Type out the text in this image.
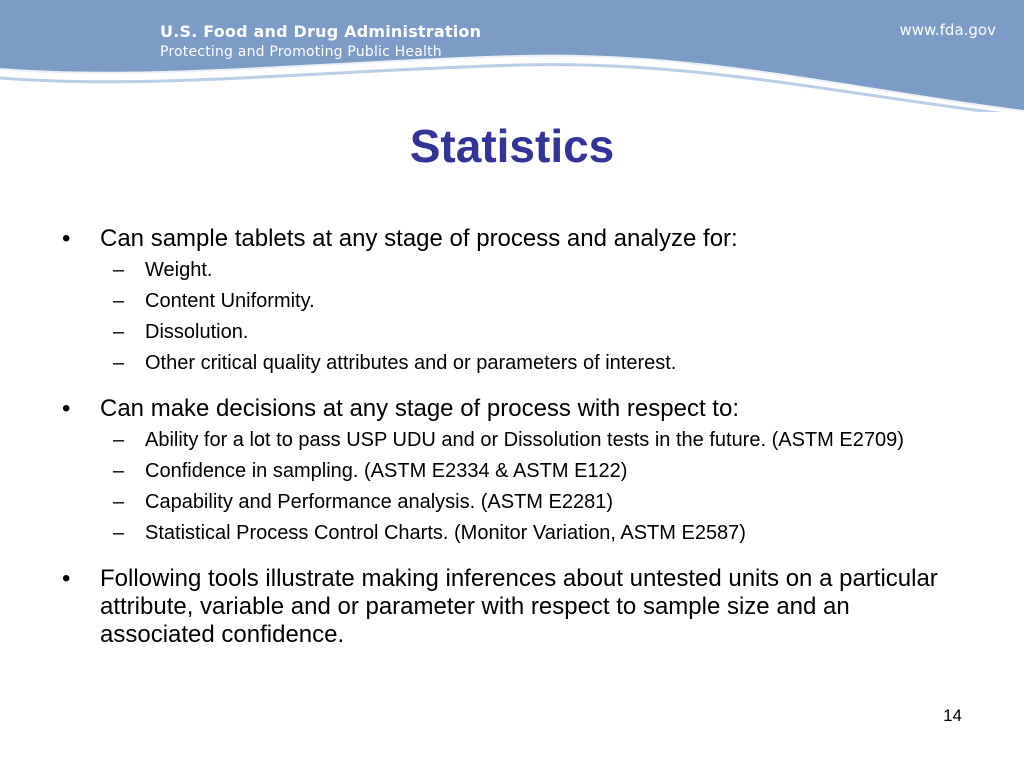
U.S. Food and Drug Administration
Protecting and Promoting Public Health
www.fda.gov
Statistics
• Can sample tablets at any stage of process and analyze for:
– Weight.
– Content Uniformity.
– Dissolution.
– Other critical quality attributes and or parameters of interest.
• Can make decisions at any stage of process with respect to:
– Ability for a lot to pass USP UDU and or Dissolution tests in the future. (ASTM E2709)
– Confidence in sampling. (ASTM E2334 & ASTM E122)
– Capability and Performance analysis. (ASTM E2281)
– Statistical Process Control Charts. (Monitor Variation, ASTM E2587)
• Following tools illustrate making inferences about untested units on a particular attribute, variable and or parameter with respect to sample size and an associated confidence.
14
